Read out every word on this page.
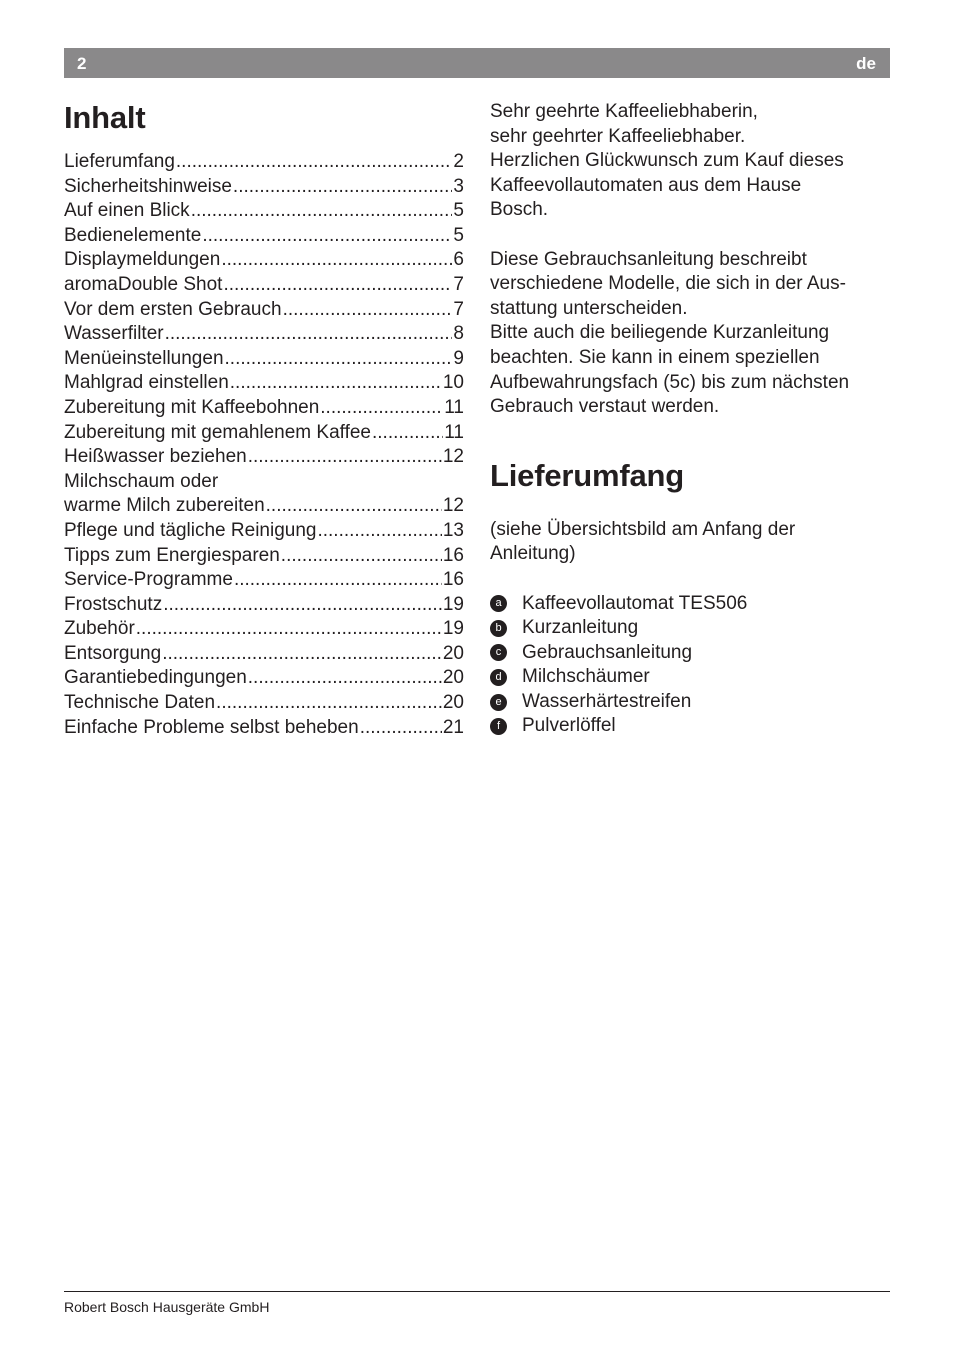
2	de
Inhalt
Lieferumfang .....	2
Sicherheitshinweise .....	3
Auf einen Blick .....	5
Bedienelemente .....	5
Displaymeldungen .....	6
aromaDouble Shot .....	7
Vor dem ersten Gebrauch .....	7
Wasserfilter .....	8
Menüeinstellungen .....	9
Mahlgrad einstellen .....	10
Zubereitung mit Kaffeebohnen .....	11
Zubereitung mit gemahlenem Kaffee .....	11
Heißwasser beziehen .....	12
Milchschaum oder
warme Milch zubereiten .....	12
Pflege und tägliche Reinigung .....	13
Tipps zum Energiesparen .....	16
Service-Programme .....	16
Frostschutz .....	19
Zubehör .....	19
Entsorgung .....	20
Garantiebedingungen .....	20
Technische Daten .....	20
Einfache Probleme selbst beheben .....	21

Sehr geehrte Kaffeeliebhaberin,
sehr geehrter Kaffeeliebhaber.
Herzlichen Glückwunsch zum Kauf dieses
Kaffeevollautomaten aus dem Hause
Bosch.

Diese Gebrauchsanleitung beschreibt
verschiedene Modelle, die sich in der Aus-
stattung unterscheiden.
Bitte auch die beiliegende Kurzanleitung
beachten. Sie kann in einem speziellen
Aufbewahrungsfach (5c) bis zum nächsten
Gebrauch verstaut werden.

Lieferumfang

(siehe Übersichtsbild am Anfang der
Anleitung)

a Kaffeevollautomat TES506
b Kurzanleitung
c	Gebrauchsanleitung
d Milchschäumer
e Wasserhärtestreifen
f	Pulverlöffel
Robert Bosch Hausgeräte GmbH
